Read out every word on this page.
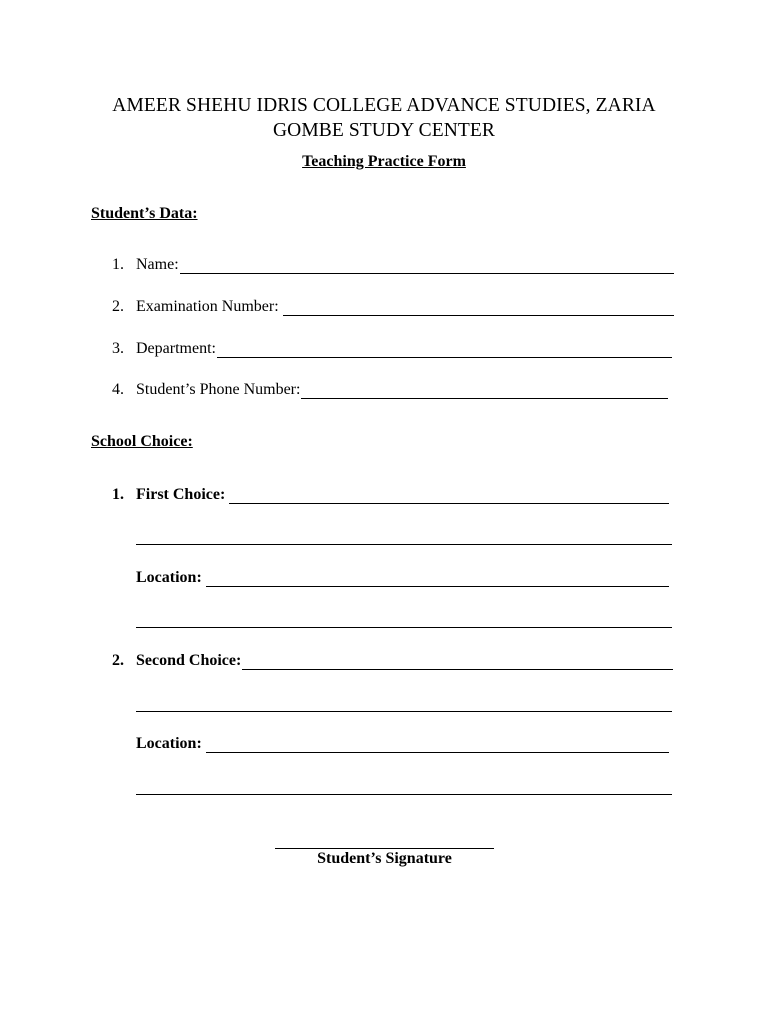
AMEER SHEHU IDRIS COLLEGE ADVANCE STUDIES, ZARIA
GOMBE STUDY CENTER
Teaching Practice Form
Student’s Data:
1. Name:
2. Examination Number:
3. Department:
4. Student’s Phone Number:
School Choice:
1. First Choice:
Location:
2. Second Choice:
Location:
Student’s Signature
